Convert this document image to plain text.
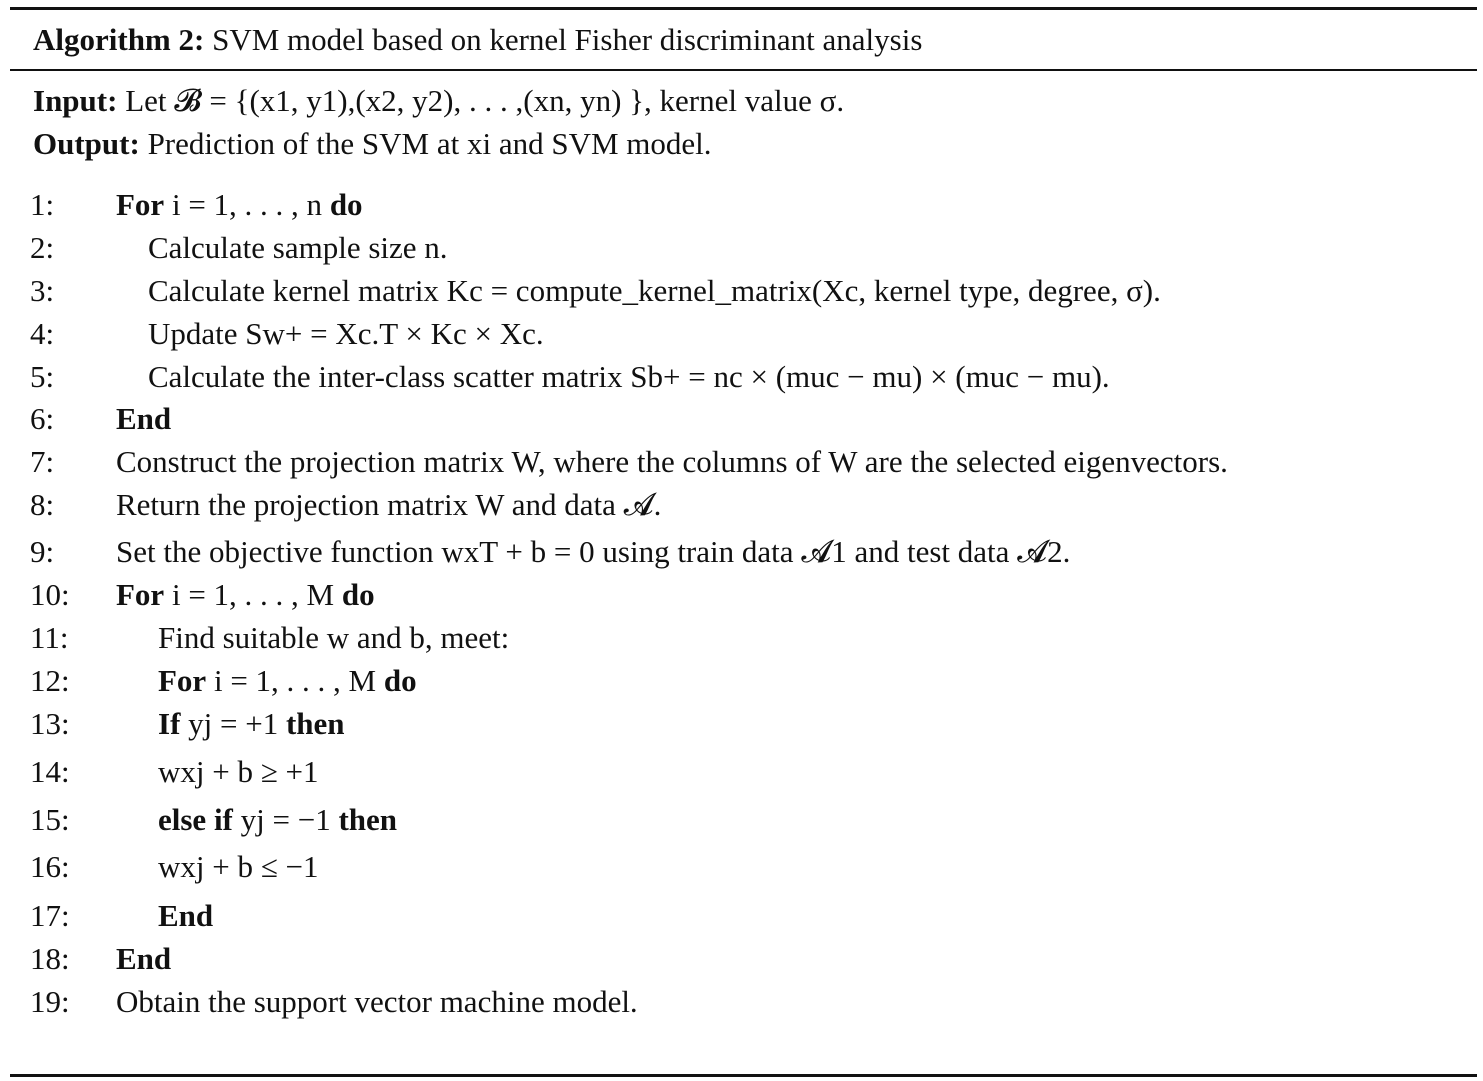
Algorithm 2: SVM model based on kernel Fisher discriminant analysis
Input: Let 𝓑 = {(x1, y1),(x2, y2), . . . ,(xn, yn) }, kernel value σ.
Output: Prediction of the SVM at xi and SVM model.
1:	For i = 1, . . . , n do
2:	Calculate sample size n.
3:	Calculate kernel matrix Kc = compute_kernel_matrix(Xc, kernel type, degree, σ).
4:	Update Sw+ = Xc.T × Kc × Xc.
5:	Calculate the inter-class scatter matrix Sb+ = nc × (muc − mu) × (muc − mu).
6:	End
7:	Construct the projection matrix W, where the columns of W are the selected eigenvectors.
8:	Return the projection matrix W and data 𝓐.
9:	Set the objective function wxT + b = 0 using train data 𝓐1 and test data 𝓐2.
10:	For i = 1, . . . , M do
11:	Find suitable w and b, meet:
12:	For i = 1, . . . , M do
13:	If yj = +1 then
14:	wxj + b ≥ +1
15:	else if yj = −1 then
16:	wxj + b ≤ −1
17:	End
18:	End
19:	Obtain the support vector machine model.
